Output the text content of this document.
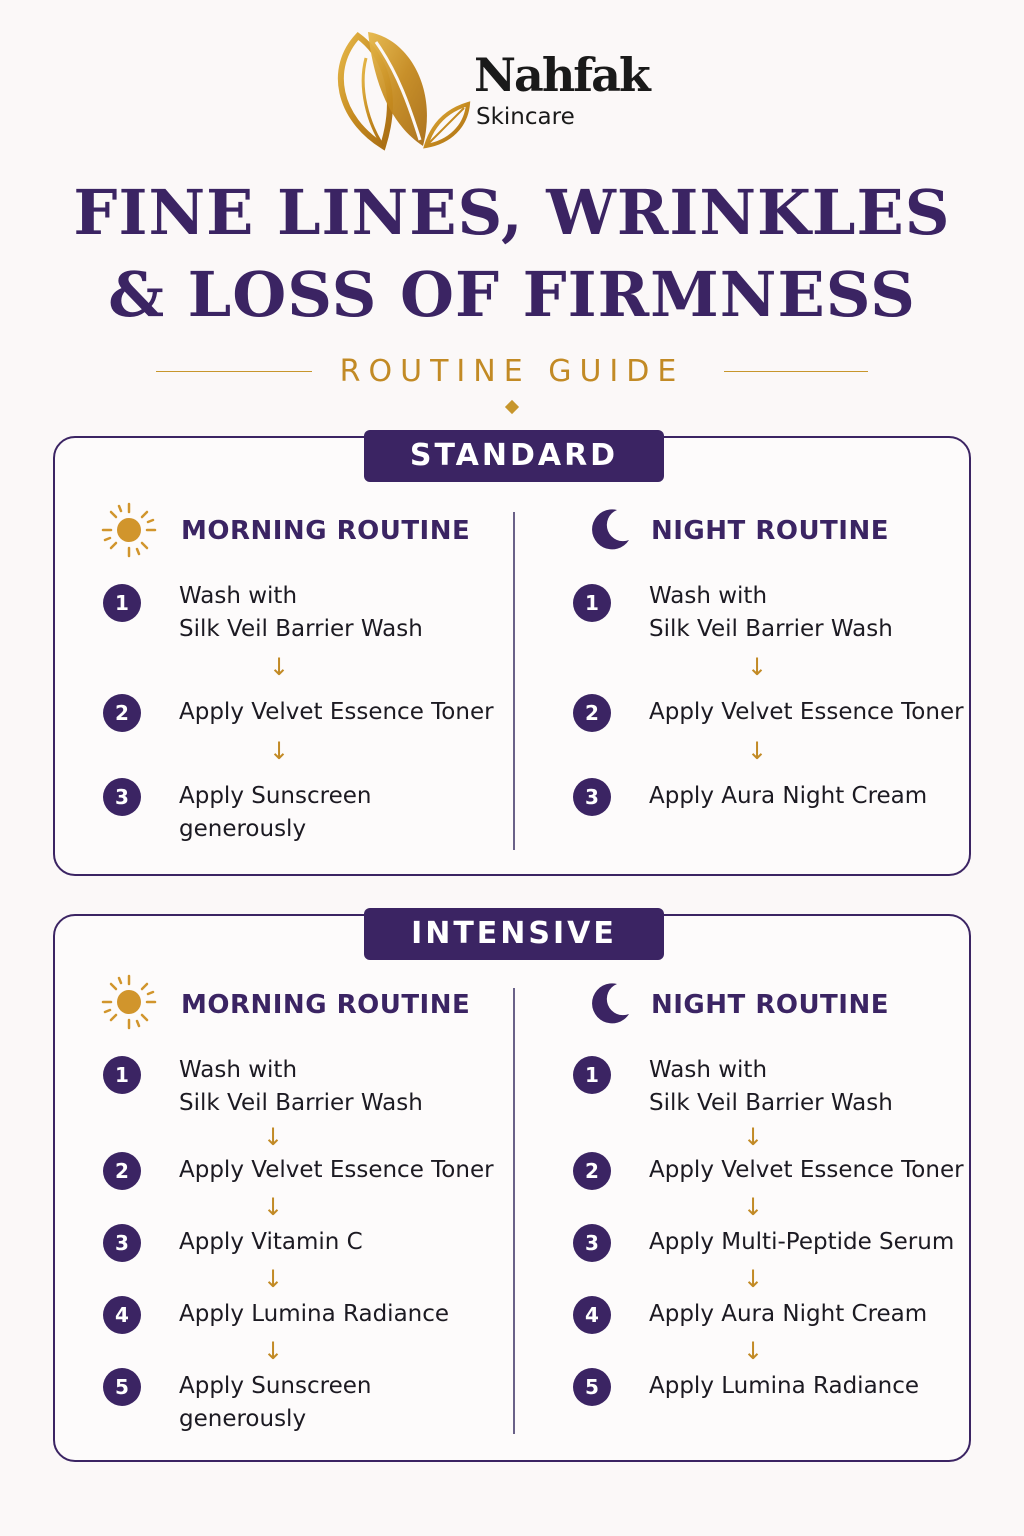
Nahfak
Skincare
FINE LINES, WRINKLES
& LOSS OF FIRMNESS
ROUTINE GUIDE
STANDARD
MORNING ROUTINE
1	Wash with
Silk Veil Barrier Wash
↓
2	Apply Velvet Essence Toner
↓
3	Apply Sunscreen
generously
NIGHT ROUTINE
1	Wash with
Silk Veil Barrier Wash
↓
2	Apply Velvet Essence Toner
↓
3	Apply Aura Night Cream
INTENSIVE
MORNING ROUTINE
1	Wash with
Silk Veil Barrier Wash
↓
2	Apply Velvet Essence Toner
↓
3	Apply Vitamin C
↓
4	Apply Lumina Radiance
↓
5	Apply Sunscreen
generously
NIGHT ROUTINE
1	Wash with
Silk Veil Barrier Wash
↓
2	Apply Velvet Essence Toner
↓
3	Apply Multi-Peptide Serum
↓
4	Apply Aura Night Cream
↓
5	Apply Lumina Radiance
